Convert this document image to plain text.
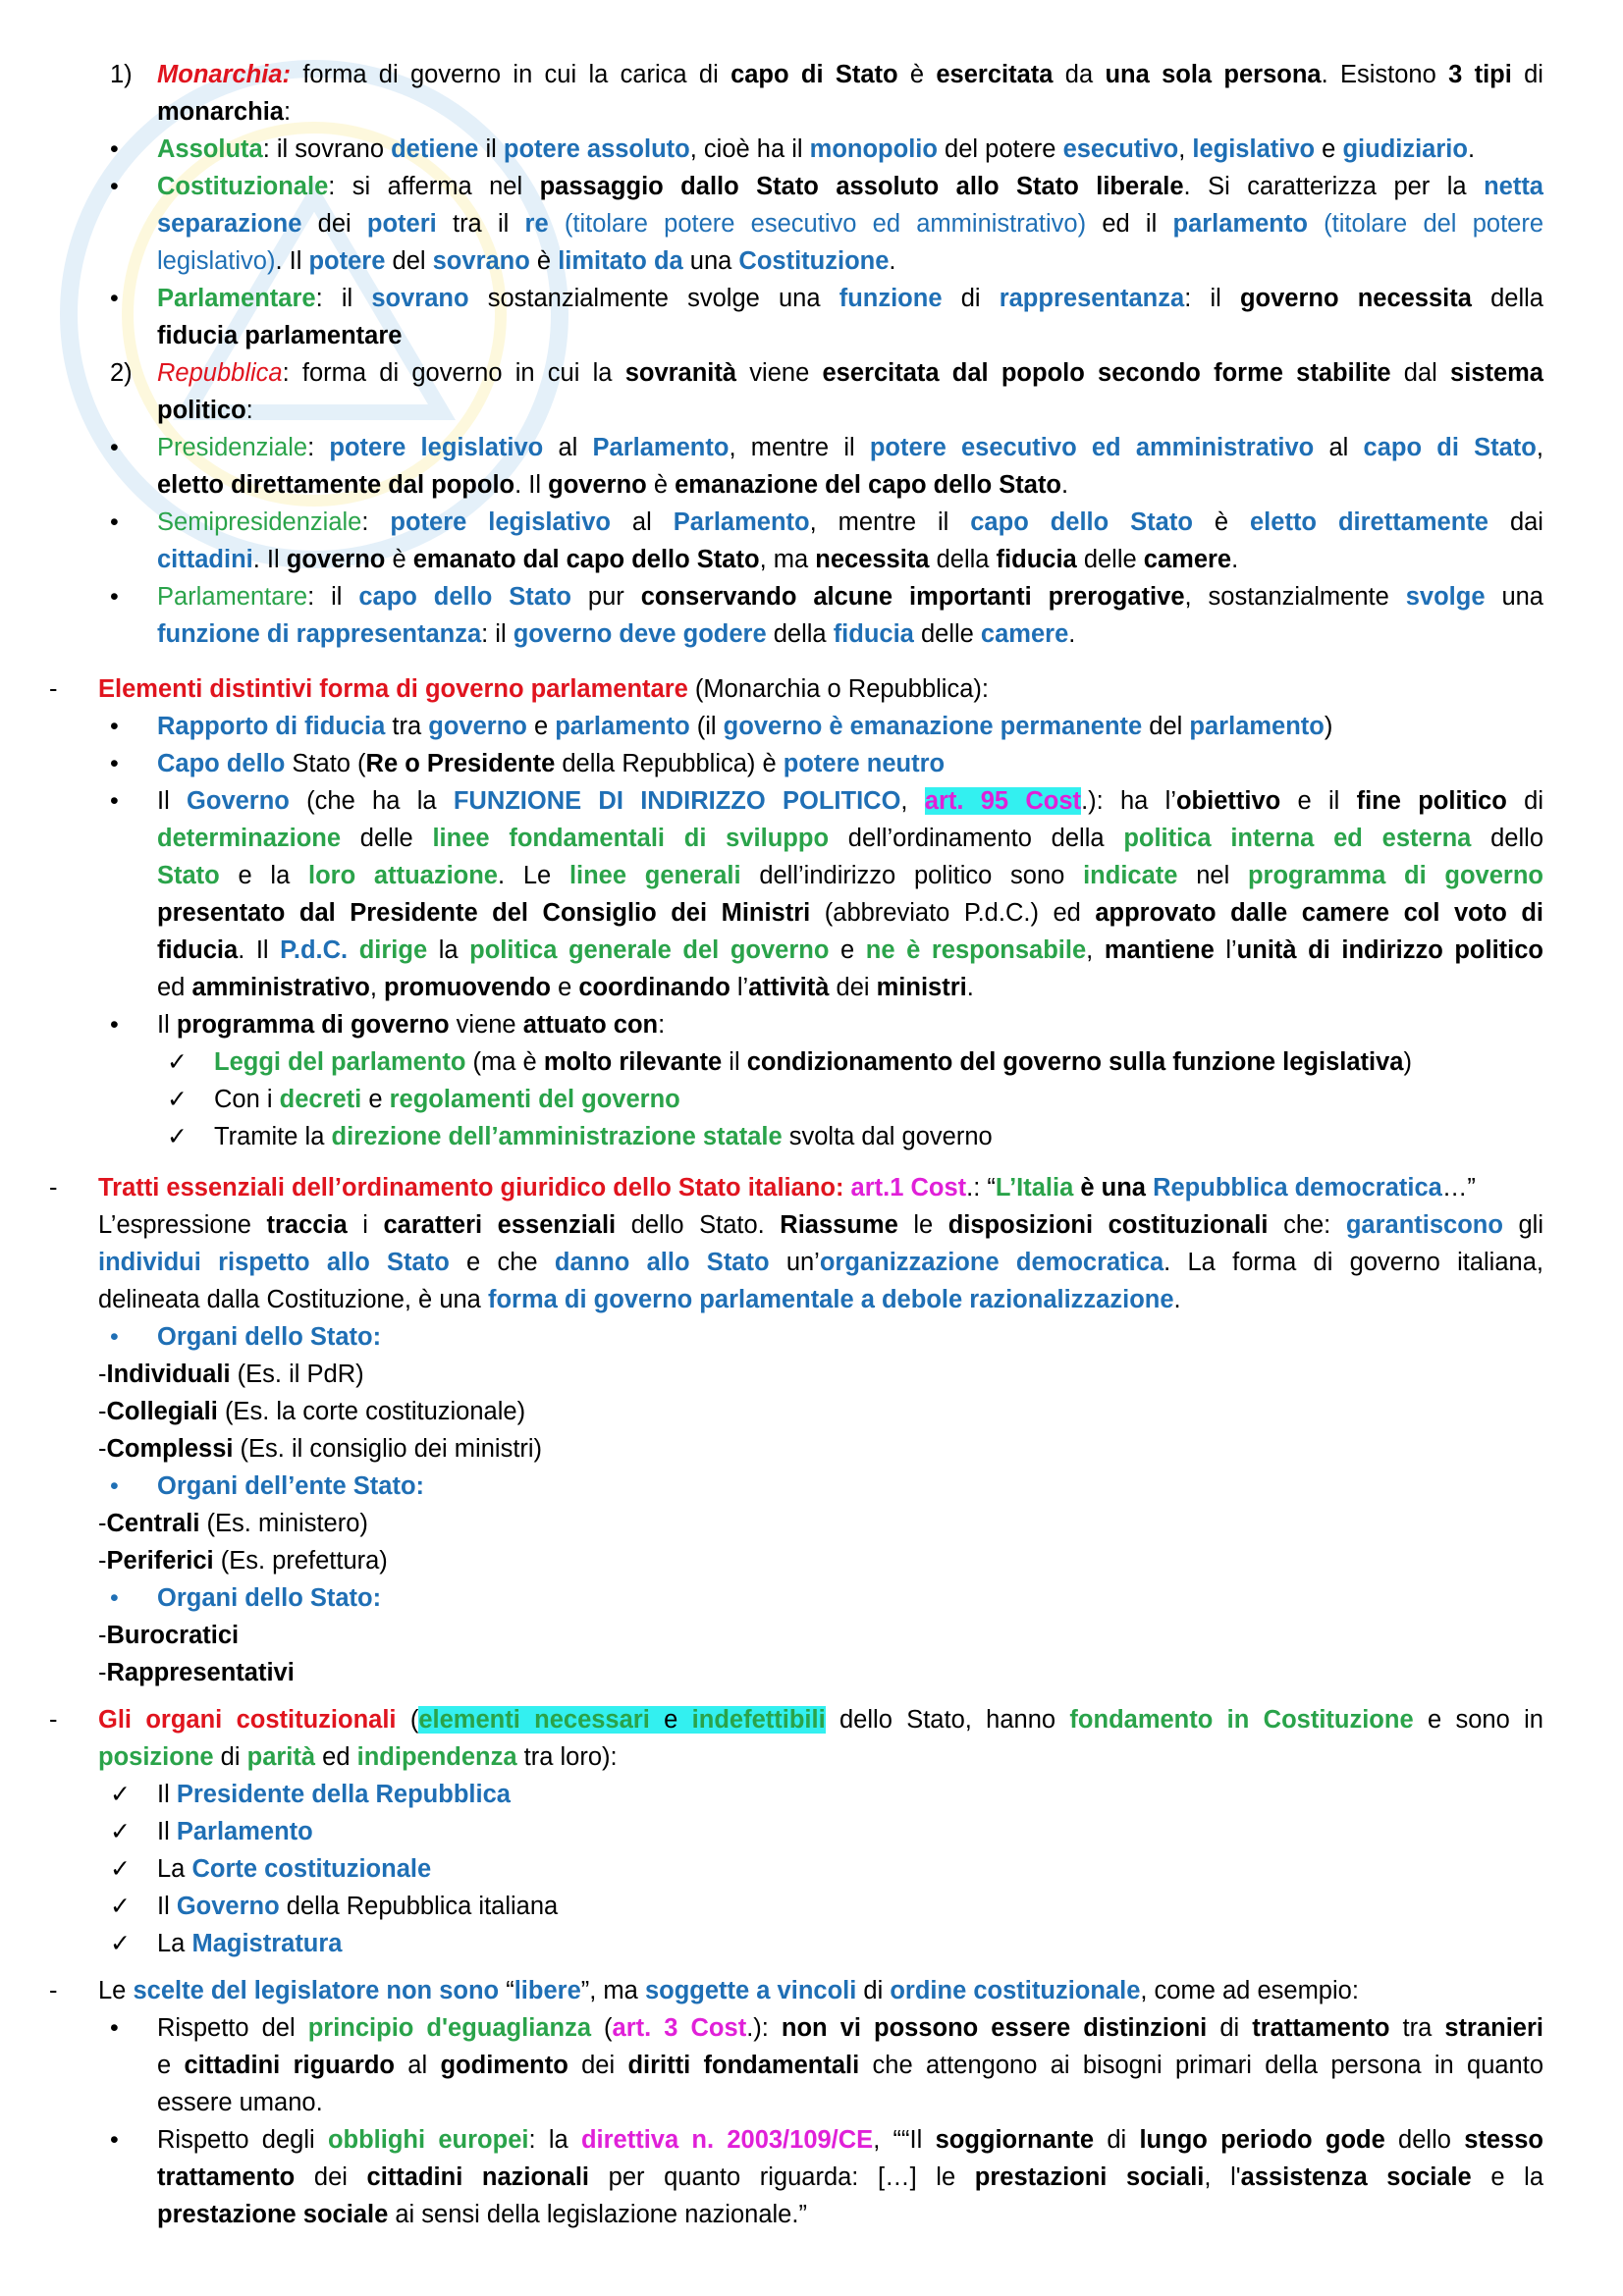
1) Monarchia: forma di governo in cui la carica di capo di Stato è esercitata da una sola persona. Esistono 3 tipi di
monarchia:
• Assoluta: il sovrano detiene il potere assoluto, cioè ha il monopolio del potere esecutivo, legislativo e giudiziario.
• Costituzionale: si afferma nel passaggio dallo Stato assoluto allo Stato liberale. Si caratterizza per la netta
separazione dei poteri tra il re (titolare potere esecutivo ed amministrativo) ed il parlamento (titolare del potere
legislativo). Il potere del sovrano è limitato da una Costituzione.
• Parlamentare: il sovrano sostanzialmente svolge una funzione di rappresentanza: il governo necessita della
fiducia parlamentare
2) Repubblica: forma di governo in cui la sovranità viene esercitata dal popolo secondo forme stabilite dal sistema
politico:
• Presidenziale: potere legislativo al Parlamento, mentre il potere esecutivo ed amministrativo al capo di Stato,
eletto direttamente dal popolo. Il governo è emanazione del capo dello Stato.
• Semipresidenziale: potere legislativo al Parlamento, mentre il capo dello Stato è eletto direttamente dai
cittadini. Il governo è emanato dal capo dello Stato, ma necessita della fiducia delle camere.
• Parlamentare: il capo dello Stato pur conservando alcune importanti prerogative, sostanzialmente svolge una
funzione di rappresentanza: il governo deve godere della fiducia delle camere.
- Elementi distintivi forma di governo parlamentare (Monarchia o Repubblica):
• Rapporto di fiducia tra governo e parlamento (il governo è emanazione permanente del parlamento)
• Capo dello Stato (Re o Presidente della Repubblica) è potere neutro
• Il Governo (che ha la FUNZIONE DI INDIRIZZO POLITICO, art. 95 Cost.): ha l’obiettivo e il fine politico di
determinazione delle linee fondamentali di sviluppo dell’ordinamento della politica interna ed esterna dello
Stato e la loro attuazione. Le linee generali dell’indirizzo politico sono indicate nel programma di governo
presentato dal Presidente del Consiglio dei Ministri (abbreviato P.d.C.) ed approvato dalle camere col voto di
fiducia. Il P.d.C. dirige la politica generale del governo e ne è responsabile, mantiene l’unità di indirizzo politico
ed amministrativo, promuovendo e coordinando l’attività dei ministri.
• Il programma di governo viene attuato con:
✓ Leggi del parlamento (ma è molto rilevante il condizionamento del governo sulla funzione legislativa)
✓ Con i decreti e regolamenti del governo
✓ Tramite la direzione dell’amministrazione statale svolta dal governo
- Tratti essenziali dell’ordinamento giuridico dello Stato italiano: art.1 Cost.: “L’Italia è una Repubblica democratica…”
L’espressione traccia i caratteri essenziali dello Stato. Riassume le disposizioni costituzionali che: garantiscono gli
individui rispetto allo Stato e che danno allo Stato un’organizzazione democratica. La forma di governo italiana,
delineata dalla Costituzione, è una forma di governo parlamentale a debole razionalizzazione.
• Organi dello Stato:
-Individuali (Es. il PdR)
-Collegiali (Es. la corte costituzionale)
-Complessi (Es. il consiglio dei ministri)
• Organi dell’ente Stato:
-Centrali (Es. ministero)
-Periferici (Es. prefettura)
• Organi dello Stato:
-Burocratici
-Rappresentativi
- Gli organi costituzionali (elementi necessari e indefettibili dello Stato, hanno fondamento in Costituzione e sono in
posizione di parità ed indipendenza tra loro):
✓ Il Presidente della Repubblica
✓ Il Parlamento
✓ La Corte costituzionale
✓ Il Governo della Repubblica italiana
✓ La Magistratura
- Le scelte del legislatore non sono “libere”, ma soggette a vincoli di ordine costituzionale, come ad esempio:
• Rispetto del principio d'eguaglianza (art. 3 Cost.): non vi possono essere distinzioni di trattamento tra stranieri
e cittadini riguardo al godimento dei diritti fondamentali che attengono ai bisogni primari della persona in quanto
essere umano.
• Rispetto degli obblighi europei: la direttiva n. 2003/109/CE, ““Il soggiornante di lungo periodo gode dello stesso
trattamento dei cittadini nazionali per quanto riguarda: […] le prestazioni sociali, l'assistenza sociale e la
prestazione sociale ai sensi della legislazione nazionale.”
